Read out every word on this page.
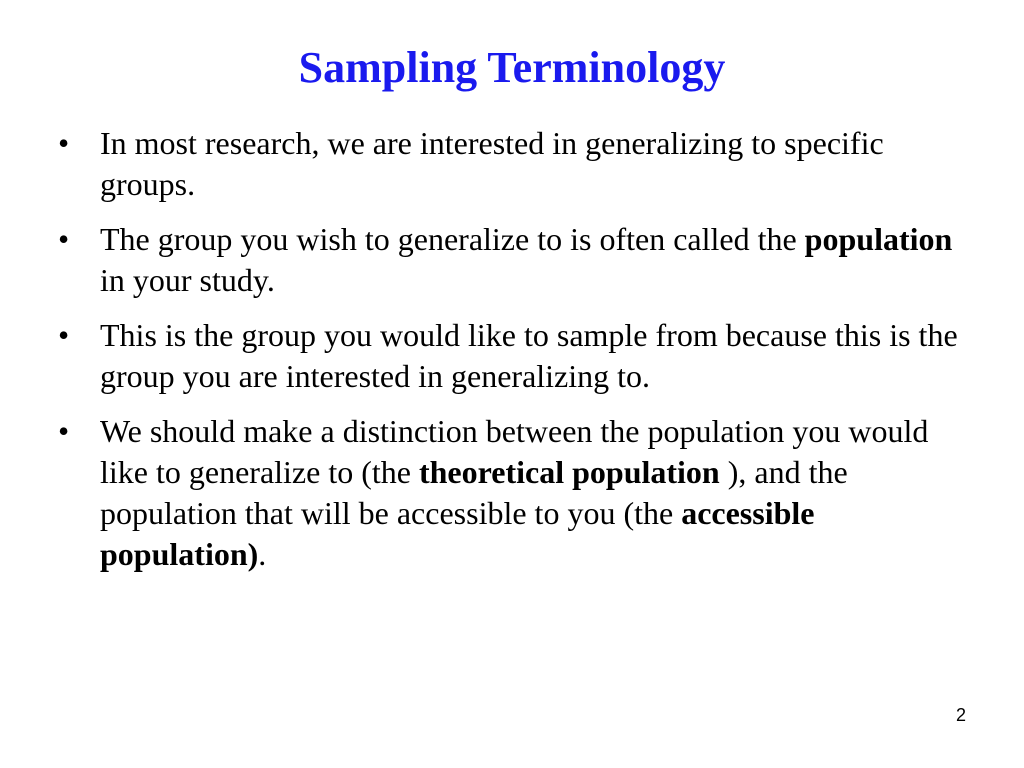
Sampling Terminology
• In most research, we are interested in generalizing to specific groups.
• The group you wish to generalize to is often called the population in your study.
• This is the group you would like to sample from because this is the group you are interested in generalizing to.
• We should make a distinction between the population you would like to generalize to (the theoretical population ), and the population that will be accessible to you (the accessible population).
2
